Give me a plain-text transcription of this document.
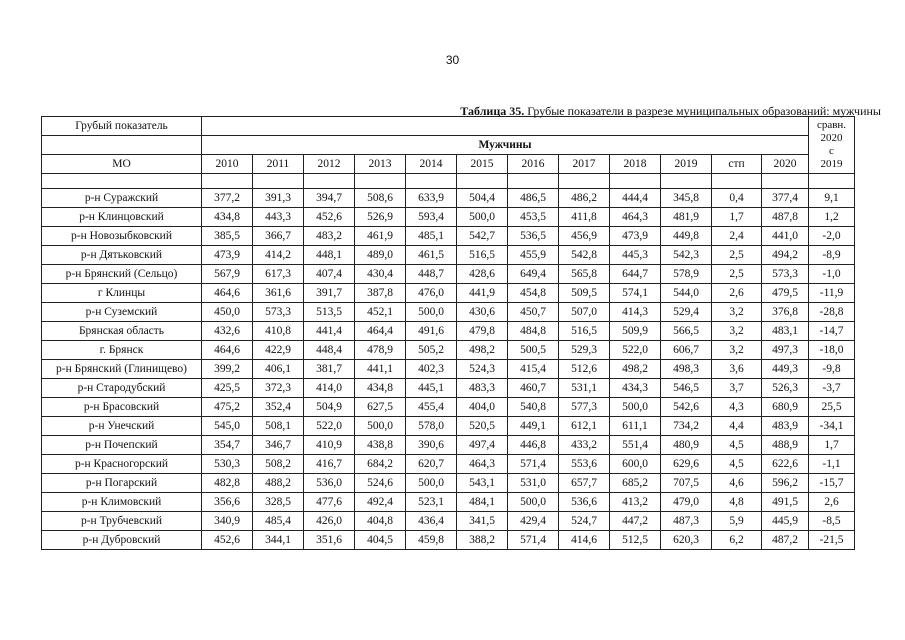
30
Таблица 35. Грубые показатели в разрезе муниципальных образований: мужчины
Грубый показатель													сравн.
2020
с
2019
	Мужчины												
МО	2010	2011	2012	2013	2014	2015	2016	2017	2018	2019	стп	2020	

р-н Суражский	377,2	391,3	394,7	508,6	633,9	504,4	486,5	486,2	444,4	345,8	0,4	377,4	9,1
р-н Клинцовский	434,8	443,3	452,6	526,9	593,4	500,0	453,5	411,8	464,3	481,9	1,7	487,8	1,2
р-н Новозыбковский	385,5	366,7	483,2	461,9	485,1	542,7	536,5	456,9	473,9	449,8	2,4	441,0	-2,0
р-н Дятьковский	473,9	414,2	448,1	489,0	461,5	516,5	455,9	542,8	445,3	542,3	2,5	494,2	-8,9
р-н Брянский (Сельцо)	567,9	617,3	407,4	430,4	448,7	428,6	649,4	565,8	644,7	578,9	2,5	573,3	-1,0
г Клинцы	464,6	361,6	391,7	387,8	476,0	441,9	454,8	509,5	574,1	544,0	2,6	479,5	-11,9
р-н Суземский	450,0	573,3	513,5	452,1	500,0	430,6	450,7	507,0	414,3	529,4	3,2	376,8	-28,8
Брянская область	432,6	410,8	441,4	464,4	491,6	479,8	484,8	516,5	509,9	566,5	3,2	483,1	-14,7
г. Брянск	464,6	422,9	448,4	478,9	505,2	498,2	500,5	529,3	522,0	606,7	3,2	497,3	-18,0
р-н Брянский (Глинищево)	399,2	406,1	381,7	441,1	402,3	524,3	415,4	512,6	498,2	498,3	3,6	449,3	-9,8
р-н Стародубский	425,5	372,3	414,0	434,8	445,1	483,3	460,7	531,1	434,3	546,5	3,7	526,3	-3,7
р-н Брасовский	475,2	352,4	504,9	627,5	455,4	404,0	540,8	577,3	500,0	542,6	4,3	680,9	25,5
р-н Унечский	545,0	508,1	522,0	500,0	578,0	520,5	449,1	612,1	611,1	734,2	4,4	483,9	-34,1
р-н Почепский	354,7	346,7	410,9	438,8	390,6	497,4	446,8	433,2	551,4	480,9	4,5	488,9	1,7
р-н Красногорский	530,3	508,2	416,7	684,2	620,7	464,3	571,4	553,6	600,0	629,6	4,5	622,6	-1,1
р-н Погарский	482,8	488,2	536,0	524,6	500,0	543,1	531,0	657,7	685,2	707,5	4,6	596,2	-15,7
р-н Климовский	356,6	328,5	477,6	492,4	523,1	484,1	500,0	536,6	413,2	479,0	4,8	491,5	2,6
р-н Трубчевский	340,9	485,4	426,0	404,8	436,4	341,5	429,4	524,7	447,2	487,3	5,9	445,9	-8,5
р-н Дубровский	452,6	344,1	351,6	404,5	459,8	388,2	571,4	414,6	512,5	620,3	6,2	487,2	-21,5
